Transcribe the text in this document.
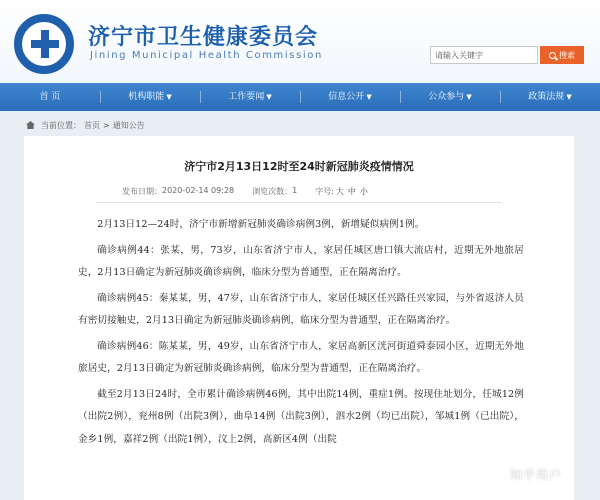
济宁市卫生健康委员会
Jining Municipal Health Commission
请输入关键字	搜索
首 页	机构职能 ▼	工作要闻 ▼	信息公开 ▼	公众参与 ▼	政策法规 ▼
当前位置： 首页 > 通知公告
济宁市2月13日12时至24时新冠肺炎疫情情况
发布日期： 2020-02-14 09:28 浏览次数： 1 字号: 大 中 小

2月13日12—24时，济宁市新增新冠肺炎确诊病例3例，新增疑似病例1例。

确诊病例44：张某，男，73岁，山东省济宁市人，家居任城区唐口镇大流店村，近期无外地旅居史，2月13日确定为新冠肺炎确诊病例，临床分型为普通型，正在隔离治疗。

确诊病例45：秦某某，男，47岁，山东省济宁市人，家居任城区任兴路任兴家园，与外省返济人员有密切接触史，2月13日确定为新冠肺炎确诊病例，临床分型为普通型，正在隔离治疗。

确诊病例46：陈某某，男，49岁，山东省济宁市人，家居高新区洸河街道舜泰园小区，近期无外地旅居史，2月13日确定为新冠肺炎确诊病例，临床分型为普通型，正在隔离治疗。

截至2月13日24时，全市累计确诊病例46例，其中出院14例，重症1例。按现住址划分，任城12例（出院2例），兖州8例（出院3例），曲阜14例（出院3例），泗水2例（均已出院），邹城1例（已出院），金乡1例，嘉祥2例（出院1例），汶上2例，高新区4例（出院

知乎用户
